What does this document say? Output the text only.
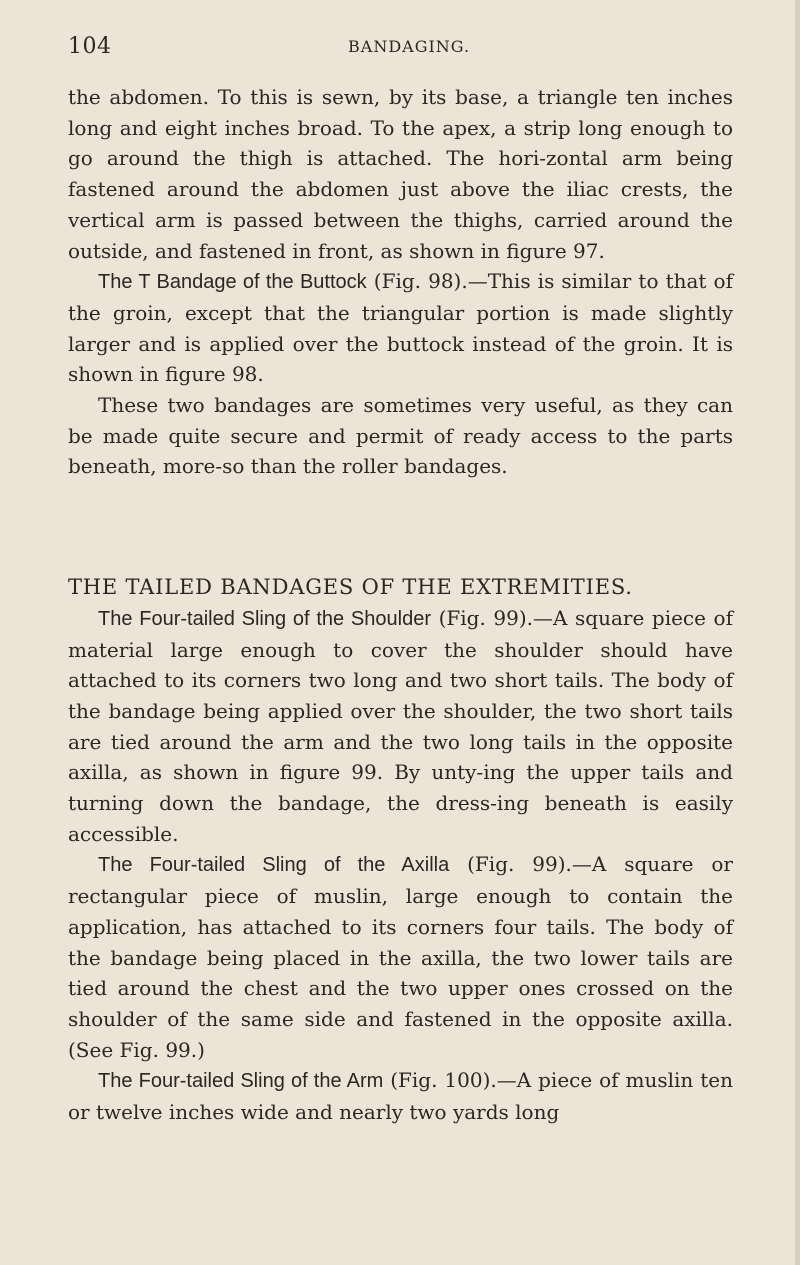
104	BANDAGING.

the abdomen. To this is sewn, by its base, a triangle ten inches long and eight inches broad. To the apex, a strip long enough to go around the thigh is attached. The hori-zontal arm being fastened around the abdomen just above the iliac crests, the vertical arm is passed between the thighs, carried around the outside, and fastened in front, as shown in figure 97.

The T Bandage of the Buttock (Fig. 98).—This is similar to that of the groin, except that the triangular portion is made slightly larger and is applied over the buttock instead of the groin. It is shown in figure 98.

These two bandages are sometimes very useful, as they can be made quite secure and permit of ready access to the parts beneath, more-so than the roller bandages.

THE TAILED BANDAGES OF THE EXTREMITIES.

The Four-tailed Sling of the Shoulder (Fig. 99).—A square piece of material large enough to cover the shoulder should have attached to its corners two long and two short tails. The body of the bandage being applied over the shoulder, the two short tails are tied around the arm and the two long tails in the opposite axilla, as shown in figure 99. By unty-ing the upper tails and turning down the bandage, the dress-ing beneath is easily accessible.

The Four-tailed Sling of the Axilla (Fig. 99).—A square or rectangular piece of muslin, large enough to contain the application, has attached to its corners four tails. The body of the bandage being placed in the axilla, the two lower tails are tied around the chest and the two upper ones crossed on the shoulder of the same side and fastened in the opposite axilla. (See Fig. 99.)

The Four-tailed Sling of the Arm (Fig. 100).—A piece of muslin ten or twelve inches wide and nearly two yards long
